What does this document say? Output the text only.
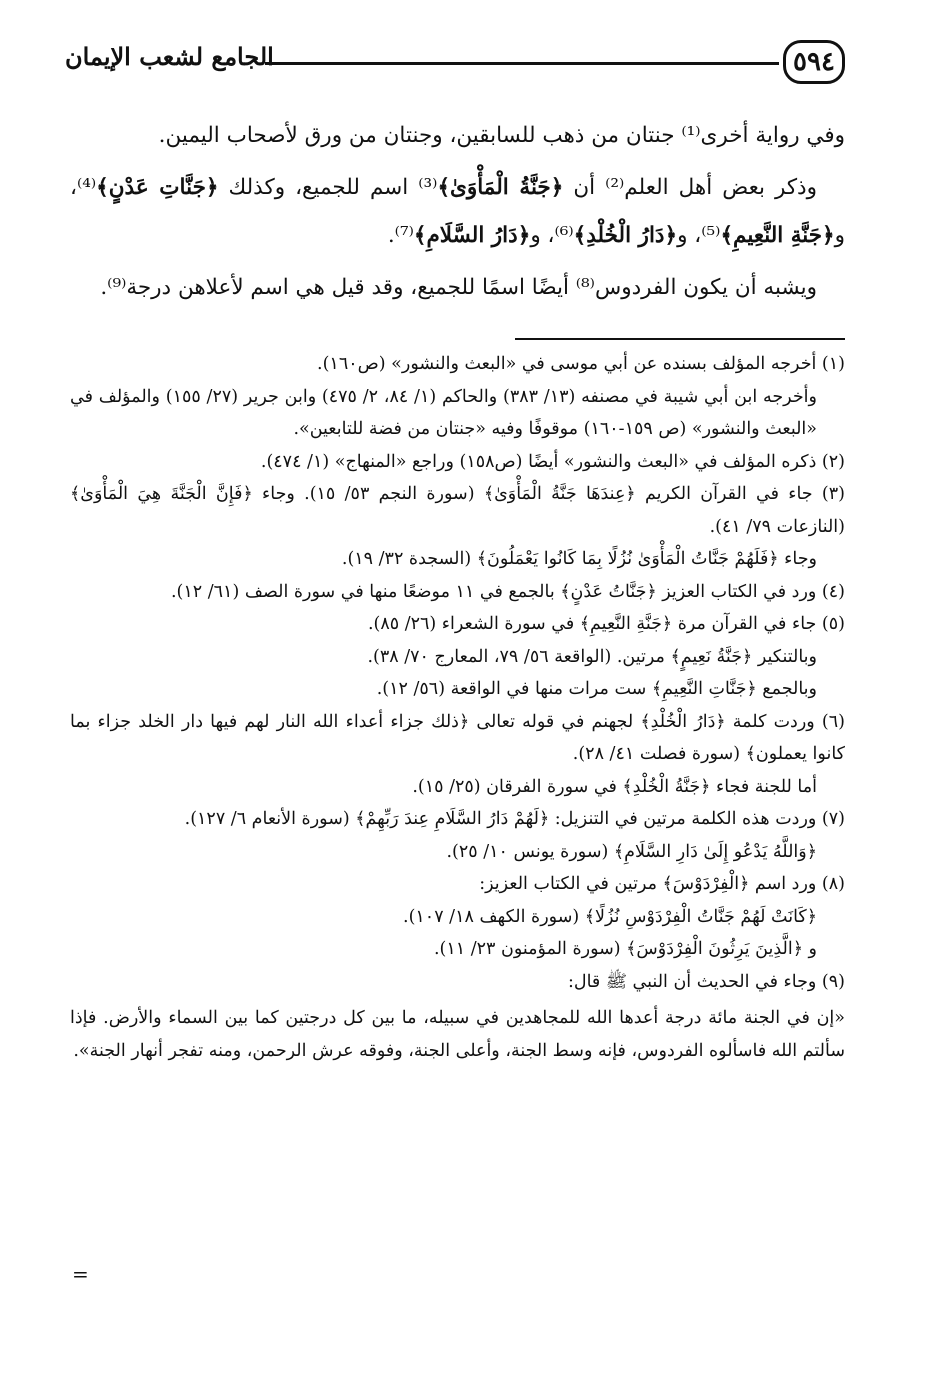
٥٩٤
الجامع لشعب الإيمان

وفي رواية أخرى⁽¹⁾ جنتان من ذهب للسابقين، وجنتان من ورق لأصحاب اليمين.

وذكر بعض أهل العلم⁽²⁾ أن ﴿جَنَّةُ الْمَأْوَىٰ﴾⁽³⁾ اسم للجميع، وكذلك ﴿جَنَّاتِ عَدْنٍ﴾⁽⁴⁾، و﴿جَنَّةِ النَّعِيمِ﴾⁽⁵⁾، و﴿دَارُ الْخُلْدِ﴾⁽⁶⁾، و﴿دَارُ السَّلَامِ﴾⁽⁷⁾.

ويشبه أن يكون الفردوس⁽⁸⁾ أيضًا اسمًا للجميع، وقد قيل هي اسم لأعلاهن درجة⁽⁹⁾.

(١) أخرجه المؤلف بسنده عن أبي موسى في «البعث والنشور» (ص١٦٠).

وأخرجه ابن أبي شيبة في مصنفه (١٣/ ٣٨٣) والحاكم (١/ ٨٤، ٢/ ٤٧٥) وابن جرير (٢٧/ ١٥٥) والمؤلف في «البعث والنشور» (ص ١٥٩-١٦٠) موقوفًا وفيه «جنتان من فضة للتابعين».

(٢) ذكره المؤلف في «البعث والنشور» أيضًا (ص١٥٨) وراجع «المنهاج» (١/ ٤٧٤).

(٣) جاء في القرآن الكريم ﴿عِندَهَا جَنَّةُ الْمَأْوَىٰ﴾ (سورة النجم ٥٣/ ١٥). وجاء ﴿فَإِنَّ الْجَنَّةَ هِيَ الْمَأْوَىٰ﴾ (النازعات ٧٩/ ٤١).

وجاء ﴿فَلَهُمْ جَنَّاتُ الْمَأْوَىٰ نُزُلًا بِمَا كَانُوا يَعْمَلُونَ﴾ (السجدة ٣٢/ ١٩).

(٤) ورد في الكتاب العزيز ﴿جَنَّاتُ عَدْنٍ﴾ بالجمع في ١١ موضعًا منها في سورة الصف (٦١/ ١٢).

(٥) جاء في القرآن مرة ﴿جَنَّةِ النَّعِيمِ﴾ في سورة الشعراء (٢٦/ ٨٥).

وبالتنكير ﴿جَنَّةُ نَعِيمٍ﴾ مرتين. (الواقعة ٥٦/ ٧٩، المعارج ٧٠/ ٣٨).

وبالجمع ﴿جَنَّاتِ النَّعِيمِ﴾ ست مرات منها في الواقعة (٥٦/ ١٢).

(٦) وردت كلمة ﴿دَارُ الْخُلْدِ﴾ لجهنم في قوله تعالى ﴿ذلك جزاء أعداء الله النار لهم فيها دار الخلد جزاء بما كانوا يعملون﴾ (سورة فصلت ٤١/ ٢٨).

أما للجنة فجاء ﴿جَنَّةُ الْخُلْدِ﴾ في سورة الفرقان (٢٥/ ١٥).

(٧) وردت هذه الكلمة مرتين في التنزيل: ﴿لَهُمْ دَارُ السَّلَامِ عِندَ رَبِّهِمْ﴾ (سورة الأنعام ٦/ ١٢٧).

﴿وَاللَّهُ يَدْعُو إِلَىٰ دَارِ السَّلَامِ﴾ (سورة يونس ١٠/ ٢٥).

(٨) ورد اسم ﴿الْفِرْدَوْسَ﴾ مرتين في الكتاب العزيز:

﴿كَانَتْ لَهُمْ جَنَّاتُ الْفِرْدَوْسِ نُزُلًا﴾ (سورة الكهف ١٨/ ١٠٧).

و ﴿الَّذِينَ يَرِثُونَ الْفِرْدَوْسَ﴾ (سورة المؤمنون ٢٣/ ١١).

(٩) وجاء في الحديث أن النبي ﷺ قال:

«إن في الجنة مائة درجة أعدها الله للمجاهدين في سبيله، ما بين كل درجتين كما بين السماء والأرض. فإذا سألتم الله فاسألوه الفردوس، فإنه وسط الجنة، وأعلى الجنة، وفوقه عرش الرحمن، ومنه تفجر أنهار الجنة».

=
